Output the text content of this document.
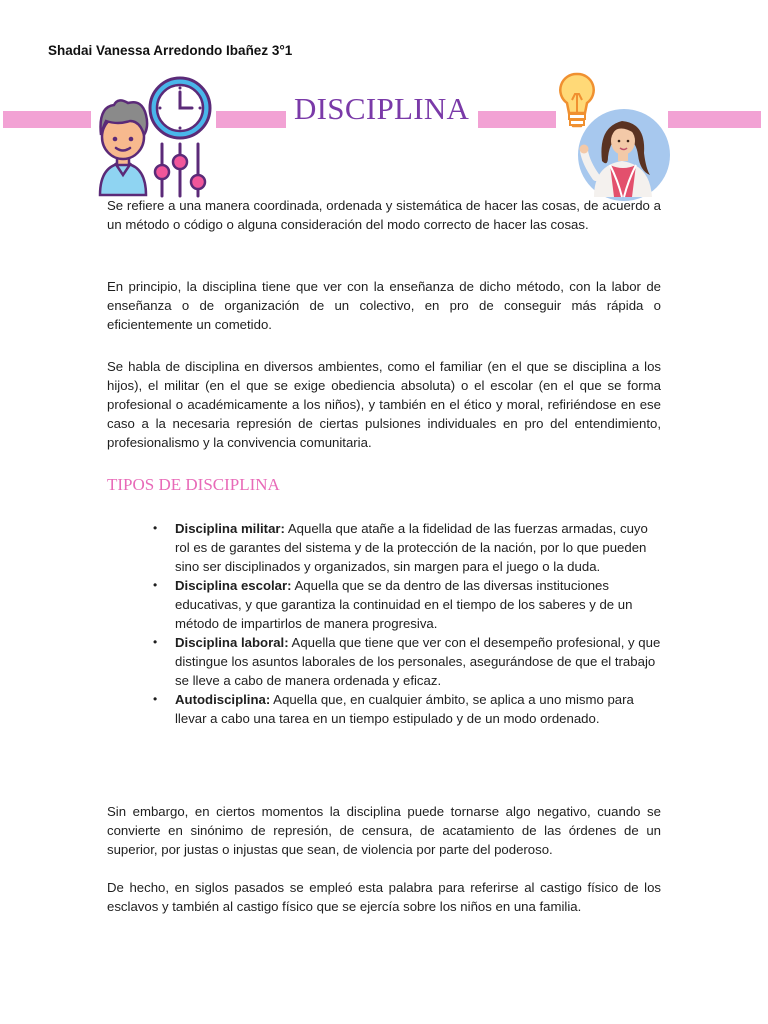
Shadai Vanessa Arredondo Ibañez 3°1
DISCIPLINA

Se refiere a una manera coordinada, ordenada y sistemática de hacer las cosas, de acuerdo a un método o código o alguna consideración del modo correcto de hacer las cosas.

En principio, la disciplina tiene que ver con la enseñanza de dicho método, con la labor de enseñanza o de organización de un colectivo, en pro de conseguir más rápida o eficientemente un cometido.

Se habla de disciplina en diversos ambientes, como el familiar (en el que se disciplina a los hijos), el militar (en el que se exige obediencia absoluta) o el escolar (en el que se forma profesional o académicamente a los niños), y también en el ético y moral, refiriéndose en ese caso a la necesaria represión de ciertas pulsiones individuales en pro del entendimiento, profesionalismo y la convivencia comunitaria.

TIPOS DE DISCIPLINA
• Disciplina militar: Aquella que atañe a la fidelidad de las fuerzas armadas, cuyo rol es de garantes del sistema y de la protección de la nación, por lo que pueden sino ser disciplinados y organizados, sin margen para el juego o la duda.
• Disciplina escolar: Aquella que se da dentro de las diversas instituciones educativas, y que garantiza la continuidad en el tiempo de los saberes y de un método de impartirlos de manera progresiva.
• Disciplina laboral: Aquella que tiene que ver con el desempeño profesional, y que distingue los asuntos laborales de los personales, asegurándose de que el trabajo se lleve a cabo de manera ordenada y eficaz.
• Autodisciplina: Aquella que, en cualquier ámbito, se aplica a uno mismo para llevar a cabo una tarea en un tiempo estipulado y de un modo ordenado.

Sin embargo, en ciertos momentos la disciplina puede tornarse algo negativo, cuando se convierte en sinónimo de represión, de censura, de acatamiento de las órdenes de un superior, por justas o injustas que sean, de violencia por parte del poderoso.

De hecho, en siglos pasados se empleó esta palabra para referirse al castigo físico de los esclavos y también al castigo físico que se ejercía sobre los niños en una familia.
